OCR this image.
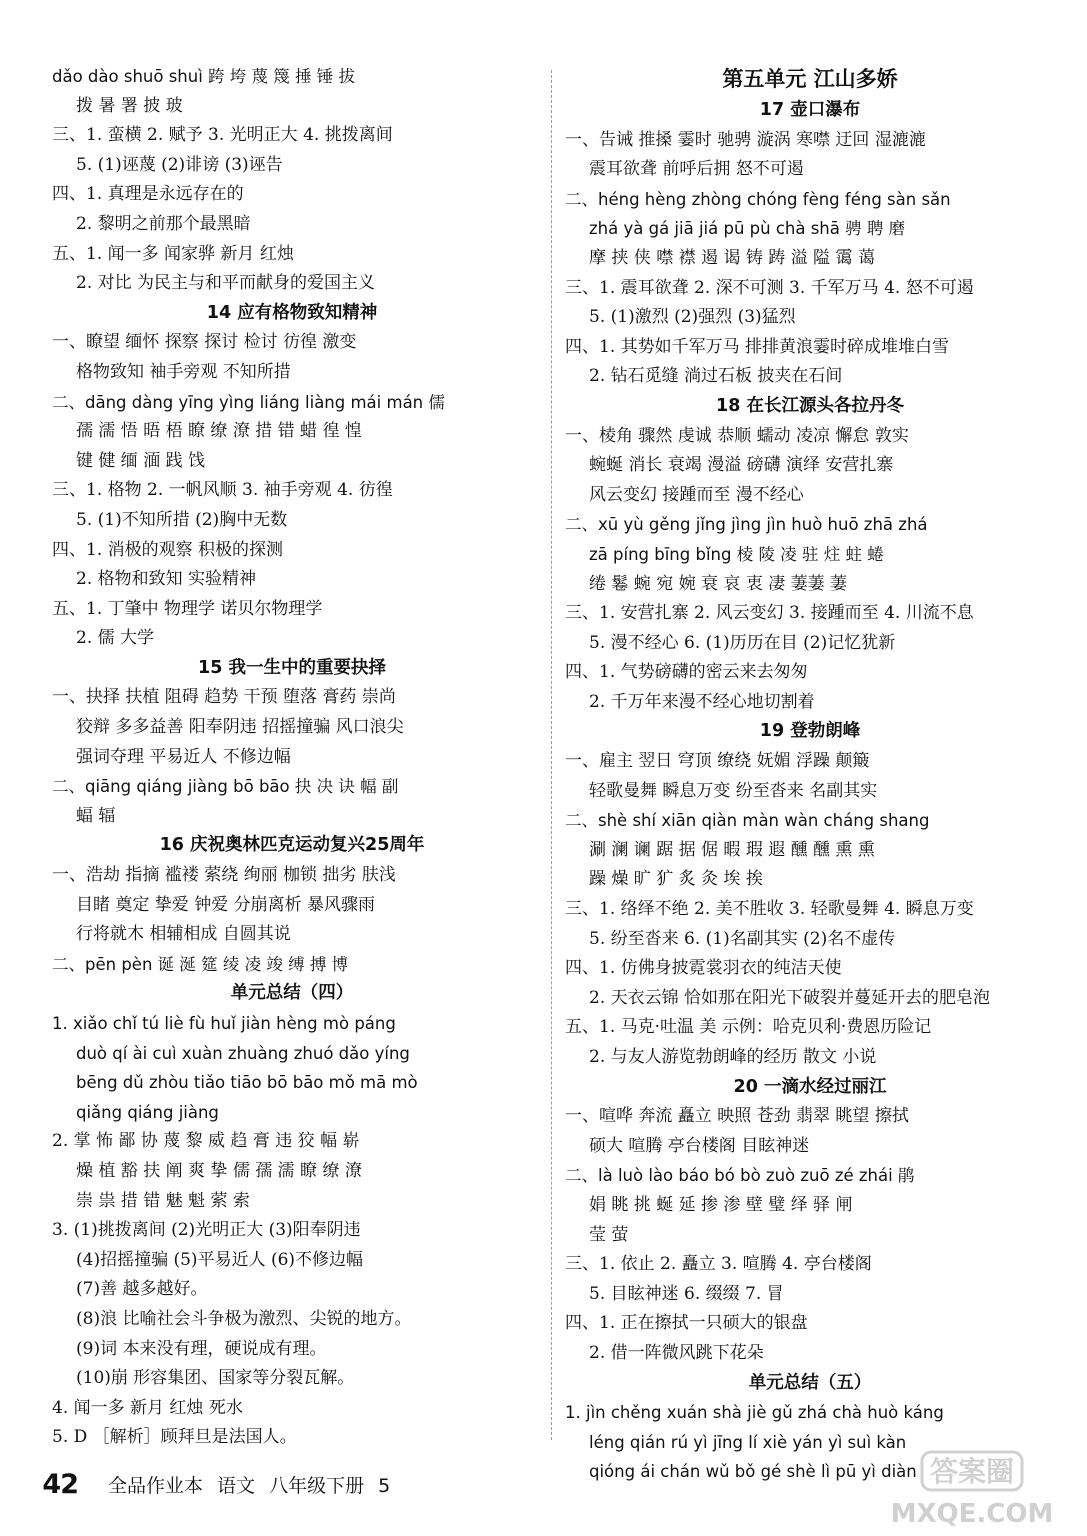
dǎo dào shuō shuì 跨 垮 蔑 篾 捶 锤 拔
拨 暑 署 披 玻
三、1. 蛮横 2. 赋予 3. 光明正大 4. 挑拨离间
5. (1)诬蔑 (2)诽谤 (3)诬告
四、1. 真理是永远存在的
2. 黎明之前那个最黑暗
五、1. 闻一多 闻家骅 新月 红烛
2. 对比 为民主与和平而献身的爱国主义
14 应有格物致知精神
一、瞭望 缅怀 探察 探讨 检讨 彷徨 激变
格物致知 袖手旁观 不知所措
二、dāng dàng yīng yìng liáng liàng mái mán 儒
孺 濡 悟 晤 梧 瞭 缭 潦 措 错 蜡 徨 惶
键 健 缅 湎 践 饯
三、1. 格物 2. 一帆风顺 3. 袖手旁观 4. 彷徨
5. (1)不知所措 (2)胸中无数
四、1. 消极的观察 积极的探测
2. 格物和致知 实验精神
五、1. 丁肇中 物理学 诺贝尔物理学
2. 儒 大学
15 我一生中的重要抉择
一、抉择 扶植 阻碍 趋势 干预 堕落 膏药 崇尚
狡辩 多多益善 阳奉阴违 招摇撞骗 风口浪尖
强词夺理 平易近人 不修边幅
二、qiāng qiáng jiàng bō bāo 抉 决 诀 幅 副
蝠 辐
16 庆祝奥林匹克运动复兴25周年
一、浩劫 指摘 褴褛 萦绕 绚丽 枷锁 拙劣 肤浅
目睹 奠定 挚爱 钟爱 分崩离析 暴风骤雨
行将就木 相辅相成 自圆其说
二、pēn pèn 诞 涎 筵 绫 凌 竣 缚 搏 博
单元总结（四）
1. xiǎo chǐ tú liè fù huǐ jiàn hèng mò páng
duò qí ài cuì xuàn zhuàng zhuó dǎo yíng
bēng dǔ zhòu tiǎo tiāo bō bāo mǒ mā mò
qiǎng qiáng jiàng
2. 掌 怖 鄙 协 蔑 黎 威 趋 膏 违 狡 幅 崭
燥 植 豁 扶 阐 爽 挚 儒 孺 濡 瞭 缭 潦
崇 祟 措 错 魅 魁 萦 索
3. (1)挑拨离间 (2)光明正大 (3)阳奉阴违
(4)招摇撞骗 (5)平易近人 (6)不修边幅
(7)善 越多越好。
(8)浪 比喻社会斗争极为激烈、尖锐的地方。
(9)词 本来没有理，硬说成有理。
(10)崩 形容集团、国家等分裂瓦解。
4. 闻一多 新月 红烛 死水
5. D ［解析］顾拜旦是法国人。
第五单元 江山多娇
17 壶口瀑布
一、告诫 推搡 霎时 驰骋 漩涡 寒噤 迂回 湿漉漉
震耳欲聋 前呼后拥 怒不可遏
二、héng hèng zhòng chóng fèng féng sàn sǎn
zhá yà gá jiā jiá pū pù chà shā 骋 聘 磨
摩 挟 侠 噤 襟 遏 谒 铸 踌 溢 隘 霭 蔼
三、1. 震耳欲聋 2. 深不可测 3. 千军万马 4. 怒不可遏
5. (1)激烈 (2)强烈 (3)猛烈
四、1. 其势如千军万马 排排黄浪霎时碎成堆堆白雪
2. 钻石觅缝 淌过石板 披夹在石间
18 在长江源头各拉丹冬
一、棱角 骤然 虔诚 恭顺 蠕动 凌凉 懈怠 敦实
蜿蜒 消长 衰竭 漫溢 磅礴 演绎 安营扎寨
风云变幻 接踵而至 漫不经心
二、xū yù gěng jǐng jìng jìn huò huō zhā zhá
zā píng bīng bǐng 棱 陵 凌 驻 炷 蛀 蜷
绻 鬈 蜿 宛 婉 衰 哀 衷 凄 萋萋 萋
三、1. 安营扎寨 2. 风云变幻 3. 接踵而至 4. 川流不息
5. 漫不经心 6. (1)历历在目 (2)记忆犹新
四、1. 气势磅礴的密云来去匆匆
2. 千万年来漫不经心地切割着
19 登勃朗峰
一、雇主 翌日 穹顶 缭绕 妩媚 浮躁 颠簸
轻歌曼舞 瞬息万变 纷至沓来 名副其实
二、shè shí xiān qiàn màn wàn cháng shang
涮 澜 谰 踞 据 倨 暇 瑕 遐 醺 醺 熏 熏
躁 燥 旷 犷 炙 灸 埃 挨
三、1. 络绎不绝 2. 美不胜收 3. 轻歌曼舞 4. 瞬息万变
5. 纷至沓来 6. (1)名副其实 (2)名不虚传
四、1. 仿佛身披霓裳羽衣的纯洁天使
2. 天衣云锦 恰如那在阳光下破裂并蔓延开去的肥皂泡
五、1. 马克·吐温 美 示例：哈克贝利·费恩历险记
2. 与友人游览勃朗峰的经历 散文 小说
20 一滴水经过丽江
一、喧哗 奔流 矗立 映照 苍劲 翡翠 眺望 擦拭
硕大 喧腾 亭台楼阁 目眩神迷
二、là luò lào báo bó bò zuò zuō zé zhái 鹃
娟 眺 挑 蜒 延 掺 渗 壁 璧 绎 驿 闸
莹 萤
三、1. 依止 2. 矗立 3. 喧腾 4. 亭台楼阁
5. 目眩神迷 6. 缀缀 7. 冒
四、1. 正在擦拭一只硕大的银盘
2. 借一阵微风跳下花朵
单元总结（五）
1. jìn chěng xuán shà jiè gǔ zhá chà huò káng
léng qián rú yì jīng lí xiè yán yì suì kàn
qióng ái chán wǔ bǒ gé shè lì pū yì diàn
42 全品作业本 语文 八年级下册 5	答案圈
MXQE.COM
